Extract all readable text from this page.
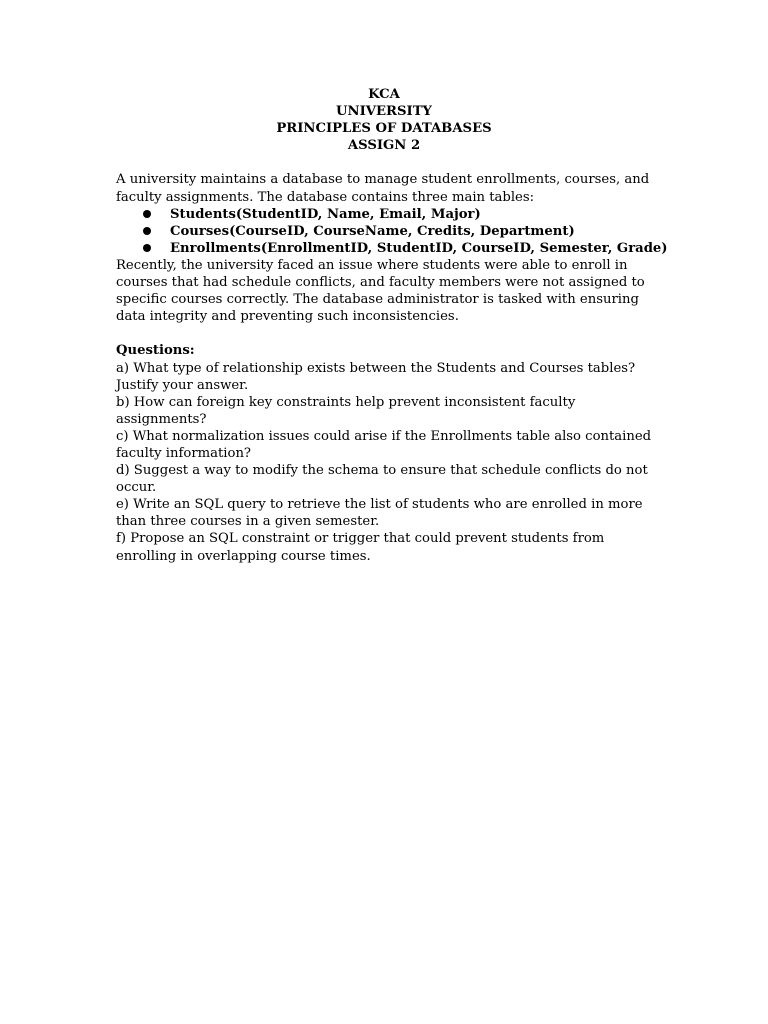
KCA
UNIVERSITY
PRINCIPLES OF DATABASES
ASSIGN 2

A university maintains a database to manage student enrollments, courses, and faculty assignments. The database contains three main tables:

Students(StudentID, Name, Email, Major)
Courses(CourseID, CourseName, Credits, Department)
Enrollments(EnrollmentID, StudentID, CourseID, Semester, Grade)

Recently, the university faced an issue where students were able to enroll in courses that had schedule conflicts, and faculty members were not assigned to specific courses correctly. The database administrator is tasked with ensuring data integrity and preventing such inconsistencies.

Questions:

a) What type of relationship exists between the Students and Courses tables? Justify your answer.

b) How can foreign key constraints help prevent inconsistent faculty assignments?

c) What normalization issues could arise if the Enrollments table also contained faculty information?

d) Suggest a way to modify the schema to ensure that schedule conflicts do not occur.

e) Write an SQL query to retrieve the list of students who are enrolled in more than three courses in a given semester.

f) Propose an SQL constraint or trigger that could prevent students from enrolling in overlapping course times.
